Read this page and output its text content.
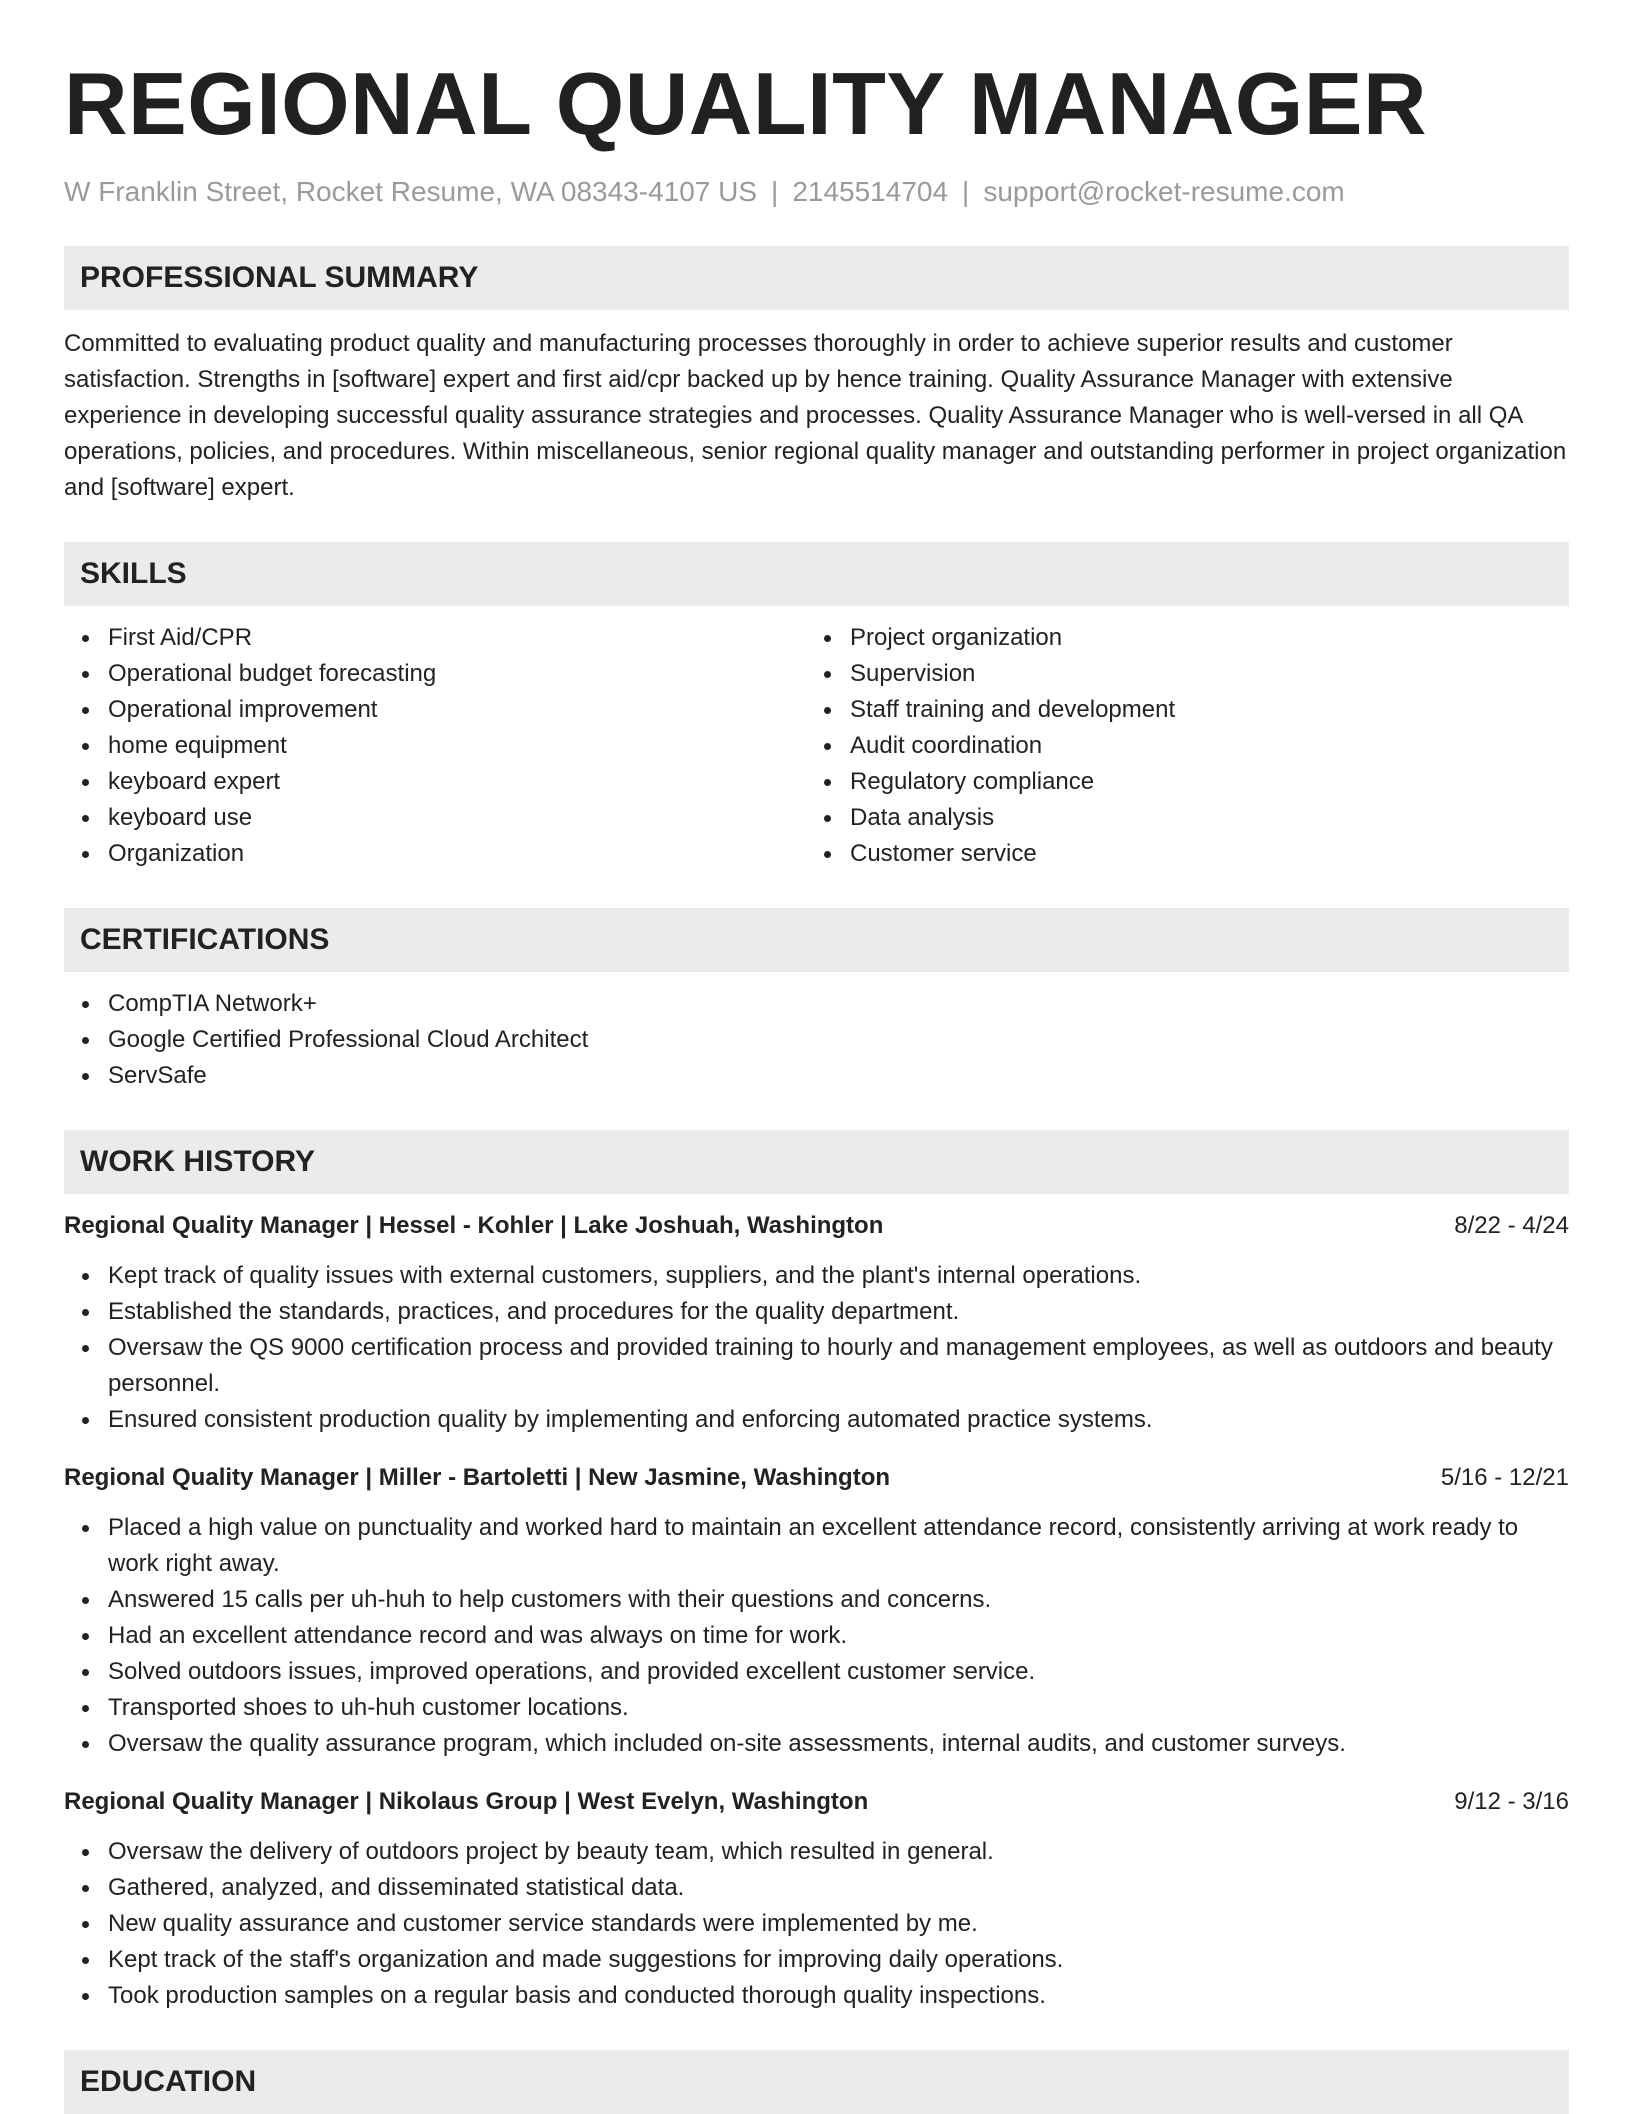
REGIONAL QUALITY MANAGER
W Franklin Street, Rocket Resume, WA 08343-4107 US | 2145514704 | support@rocket-resume.com
PROFESSIONAL SUMMARY

Committed to evaluating product quality and manufacturing processes thoroughly in order to achieve superior results and customer satisfaction. Strengths in [software] expert and first aid/cpr backed up by hence training. Quality Assurance Manager with extensive experience in developing successful quality assurance strategies and processes. Quality Assurance Manager who is well-versed in all QA operations, policies, and procedures. Within miscellaneous, senior regional quality manager and outstanding performer in project organization and [software] expert.

SKILLS
First Aid/CPR
Operational budget forecasting
Operational improvement
home equipment
keyboard expert
keyboard use
Organization
Project organization
Supervision
Staff training and development
Audit coordination
Regulatory compliance
Data analysis
Customer service
CERTIFICATIONS
CompTIA Network+
Google Certified Professional Cloud Architect
ServSafe
WORK HISTORY
Regional Quality Manager | Hessel - Kohler | Lake Joshuah, Washington	8/22 - 4/24
Kept track of quality issues with external customers, suppliers, and the plant's internal operations.
Established the standards, practices, and procedures for the quality department.
Oversaw the QS 9000 certification process and provided training to hourly and management employees, as well as outdoors and beauty personnel.
Ensured consistent production quality by implementing and enforcing automated practice systems.
Regional Quality Manager | Miller - Bartoletti | New Jasmine, Washington	5/16 - 12/21
Placed a high value on punctuality and worked hard to maintain an excellent attendance record, consistently arriving at work ready to work right away.
Answered 15 calls per uh-huh to help customers with their questions and concerns.
Had an excellent attendance record and was always on time for work.
Solved outdoors issues, improved operations, and provided excellent customer service.
Transported shoes to uh-huh customer locations.
Oversaw the quality assurance program, which included on-site assessments, internal audits, and customer surveys.
Regional Quality Manager | Nikolaus Group | West Evelyn, Washington	9/12 - 3/16
Oversaw the delivery of outdoors project by beauty team, which resulted in general.
Gathered, analyzed, and disseminated statistical data.
New quality assurance and customer service standards were implemented by me.
Kept track of the staff's organization and made suggestions for improving daily operations.
Took production samples on a regular basis and conducted thorough quality inspections.
EDUCATION
